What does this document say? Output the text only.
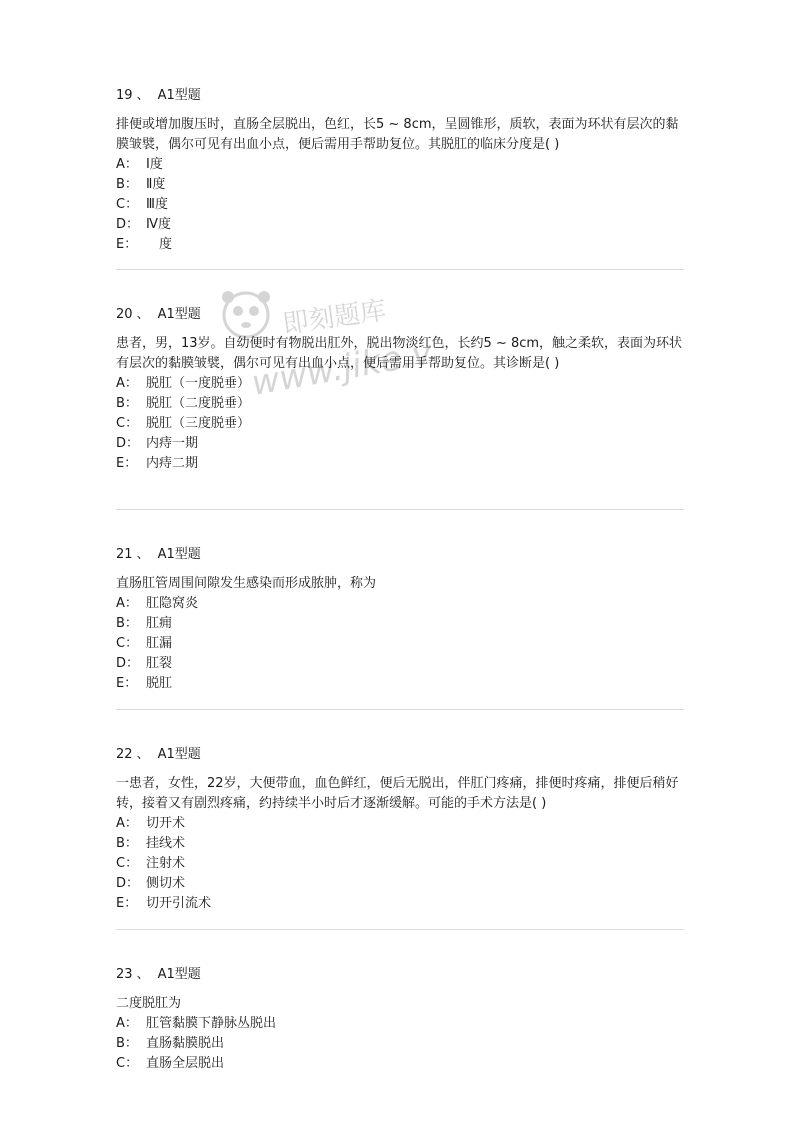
即刻题库
www.jike.vip
19 、 A1型题
排便或增加腹压时，直肠全层脱出，色红，长5 ~ 8cm，呈圆锥形，质软，表面为环状有层次的黏膜皱襞，偶尔可见有出血小点，便后需用手帮助复位。其脱肛的临床分度是( )
A： Ⅰ度
B： Ⅱ度
C： Ⅲ度
D： Ⅳ度
E：　度
20 、 A1型题
患者，男，13岁。自幼便时有物脱出肛外，脱出物淡红色，长约5 ~ 8cm，触之柔软，表面为环状有层次的黏膜皱襞，偶尔可见有出血小点，便后需用手帮助复位。其诊断是( )
A： 脱肛（一度脱垂）
B： 脱肛（二度脱垂）
C： 脱肛（三度脱垂）
D： 内痔一期
E： 内痔二期
21 、 A1型题
直肠肛管周围间隙发生感染而形成脓肿，称为
A： 肛隐窝炎
B： 肛痈
C： 肛漏
D： 肛裂
E： 脱肛
22 、 A1型题
一患者，女性，22岁，大便带血，血色鲜红，便后无脱出，伴肛门疼痛，排便时疼痛，排便后稍好转，接着又有剧烈疼痛，约持续半小时后才逐渐缓解。可能的手术方法是( )
A： 切开术
B： 挂线术
C： 注射术
D： 侧切术
E： 切开引流术
23 、 A1型题
二度脱肛为
A： 肛管黏膜下静脉丛脱出
B： 直肠黏膜脱出
C： 直肠全层脱出
